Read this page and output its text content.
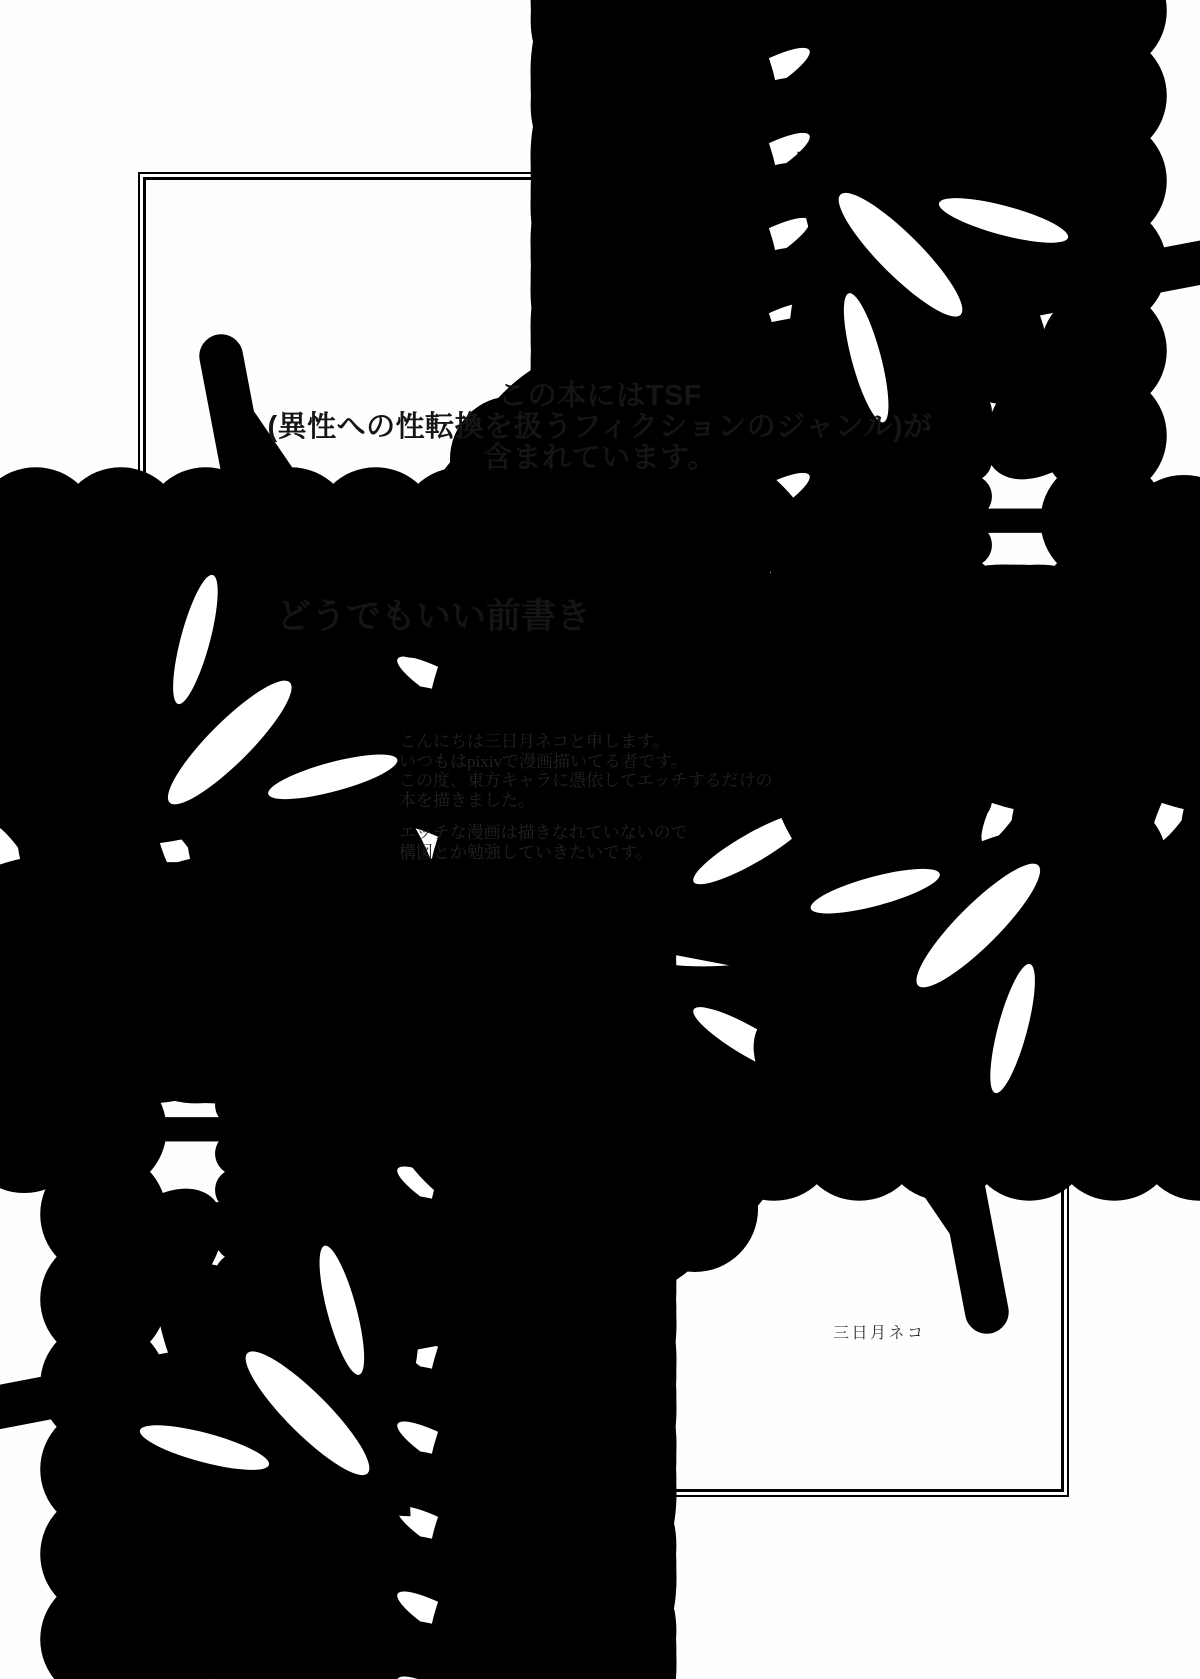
この本にはTSF
(異性への性転換を扱うフィクションのジャンル)が
含まれています。
どうでもいい前書き
こんにちは三日月ネコと申します。
いつもはpixivで漫画描いてる者です。
この度、東方キャラに憑依してエッチするだけの
本を描きました。
エッチな漫画は描きなれていないので
構図とか勉強していきたいです。
三日月ネコ
